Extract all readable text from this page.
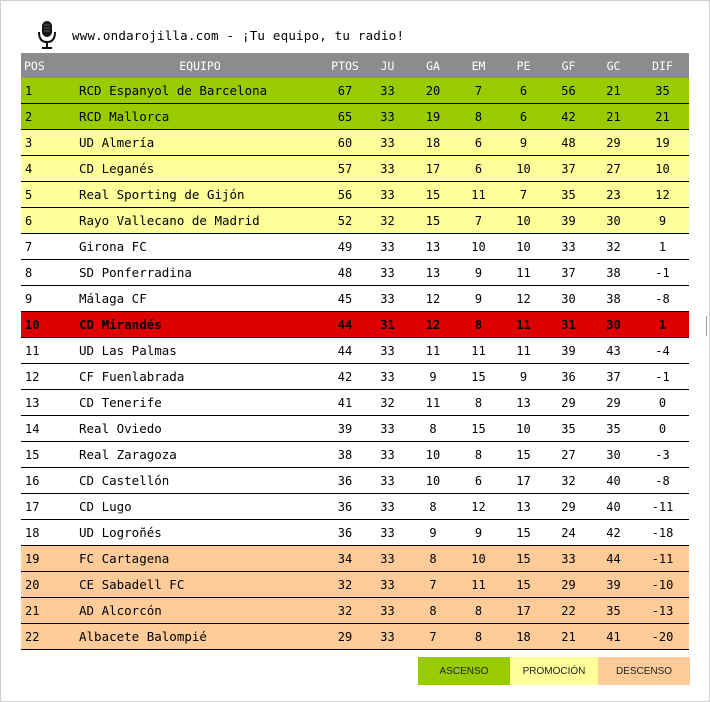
www.ondarojilla.com - ¡Tu equipo, tu radio!
POS	EQUIPO	PTOS	JU	GA	EM	PE	GF	GC	DIF
1	RCD Espanyol de Barcelona	67	33	20	7	6	56	21	35
2	RCD Mallorca	65	33	19	8	6	42	21	21
3	UD Almería	60	33	18	6	9	48	29	19
4	CD Leganés	57	33	17	6	10	37	27	10
5	Real Sporting de Gijón	56	33	15	11	7	35	23	12
6	Rayo Vallecano de Madrid	52	32	15	7	10	39	30	9
7	Girona FC	49	33	13	10	10	33	32	1
8	SD Ponferradina	48	33	13	9	11	37	38	-1
9	Málaga CF	45	33	12	9	12	30	38	-8
10	CD Mirandés	44	31	12	8	11	31	30	1
11	UD Las Palmas	44	33	11	11	11	39	43	-4
12	CF Fuenlabrada	42	33	9	15	9	36	37	-1
13	CD Tenerife	41	32	11	8	13	29	29	0
14	Real Oviedo	39	33	8	15	10	35	35	0
15	Real Zaragoza	38	33	10	8	15	27	30	-3
16	CD Castellón	36	33	10	6	17	32	40	-8
17	CD Lugo	36	33	8	12	13	29	40	-11
18	UD Logroñés	36	33	9	9	15	24	42	-18
19	FC Cartagena	34	33	8	10	15	33	44	-11
20	CE Sabadell FC	32	33	7	11	15	29	39	-10
21	AD Alcorcón	32	33	8	8	17	22	35	-13
22	Albacete Balompié	29	33	7	8	18	21	41	-20
ASCENSO	PROMOCIÓN	DESCENSO
